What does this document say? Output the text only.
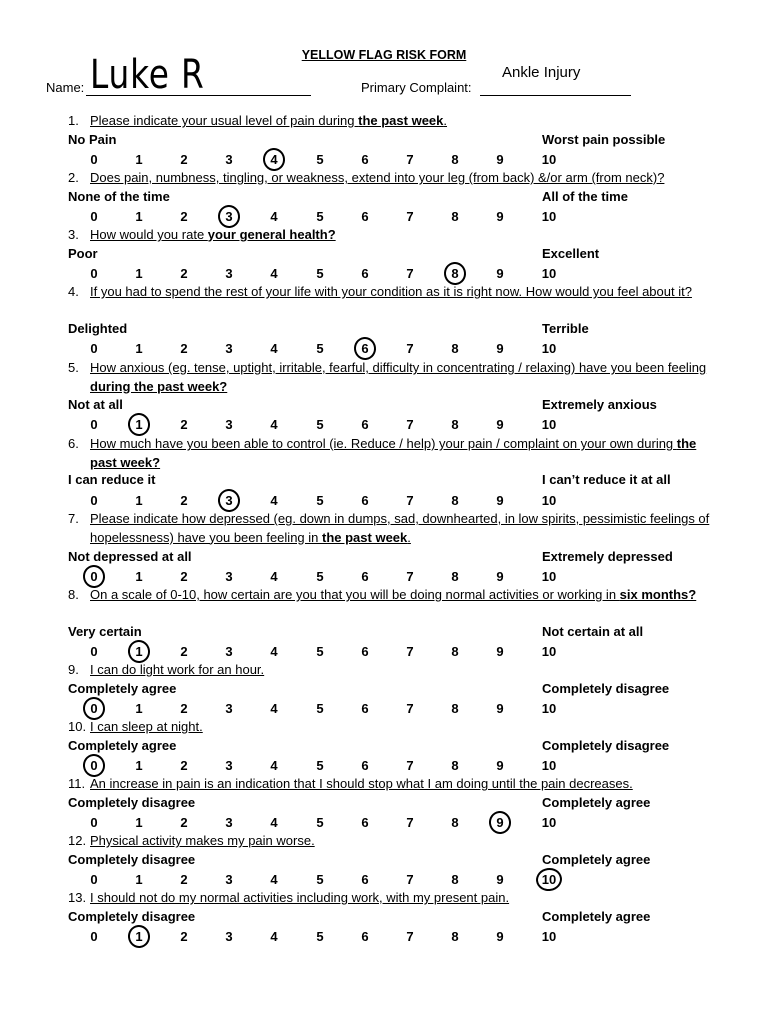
YELLOW FLAG RISK FORM
Name: Luke R	Primary Complaint:
Ankle Injury
1. Please indicate your usual level of pain during the past week.
No Pain	Worst pain possible
0	1	2	3	4	5	6	7	8	9	10
2. Does pain, numbness, tingling, or weakness, extend into your leg (from back) &/or arm (from neck)?
None of the time	All of the time
0	1	2	3	4	5	6	7	8	9	10
3. How would you rate your general health?
Poor	Excellent
0	1	2	3	4	5	6	7	8	9	10
4. If you had to spend the rest of your life with your condition as it is right now. How would you feel about it?
Delighted	Terrible
0	1	2	3	4	5	6	7	8	9	10
5. How anxious (eg. tense, uptight, irritable, fearful, difficulty in concentrating / relaxing) have you been feeling during the past week?
Not at all	Extremely anxious
0	1	2	3	4	5	6	7	8	9	10
6. How much have you been able to control (ie. Reduce / help) your pain / complaint on your own during the past week?
I can reduce it	I can’t reduce it at all
0	1	2	3	4	5	6	7	8	9	10
7. Please indicate how depressed (eg. down in dumps, sad, downhearted, in low spirits, pessimistic feelings of hopelessness) have you been feeling in the past week.
Not depressed at all	Extremely depressed
0	1	2	3	4	5	6	7	8	9	10
8. On a scale of 0-10, how certain are you that you will be doing normal activities or working in six months?
Very certain	Not certain at all
0	1	2	3	4	5	6	7	8	9	10
9. I can do light work for an hour.
Completely agree	Completely disagree
0	1	2	3	4	5	6	7	8	9	10
10. I can sleep at night.
Completely agree	Completely disagree
0	1	2	3	4	5	6	7	8	9	10
11. An increase in pain is an indication that I should stop what I am doing until the pain decreases.
Completely disagree	Completely agree
0	1	2	3	4	5	6	7	8	9	10
12. Physical activity makes my pain worse.
Completely disagree	Completely agree
0	1	2	3	4	5	6	7	8	9	10
13. I should not do my normal activities including work, with my present pain.
Completely disagree	Completely agree
0	1	2	3	4	5	6	7	8	9	10
